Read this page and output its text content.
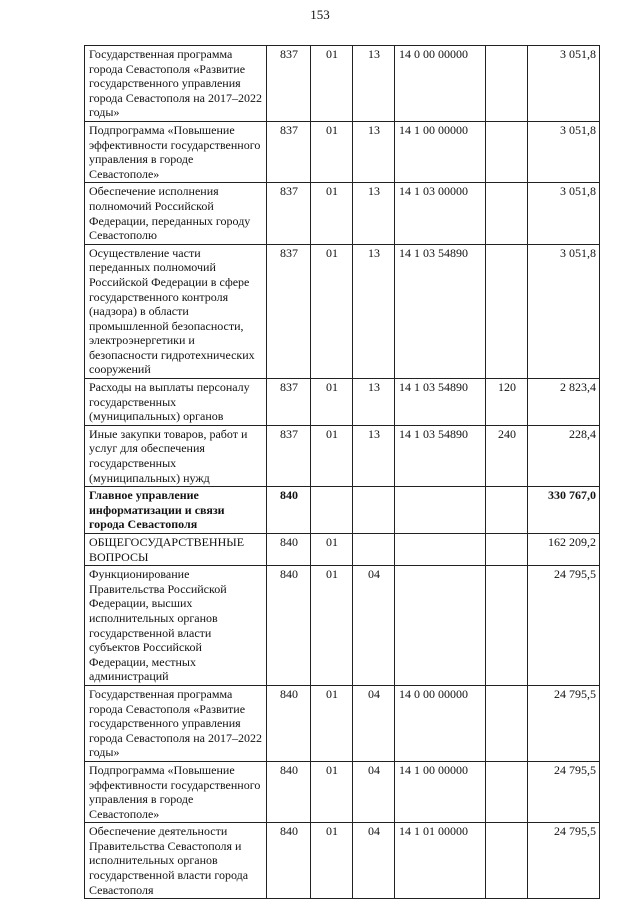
153
Государственная программа города Севастополя «Развитие государственного управления города Севастополя на 2017–2022 годы»	837	01	13	14 0 00 00000		3 051,8
Подпрограмма «Повышение эффективности государственного управления в городе Севастополе»	837	01	13	14 1 00 00000		3 051,8
Обеспечение исполнения полномочий Российской Федерации, переданных городу Севастополю	837	01	13	14 1 03 00000		3 051,8
Осуществление части переданных полномочий Российской Федерации в сфере государственного контроля (надзора) в области промышленной безопасности, электроэнергетики и безопасности гидротехнических сооружений	837	01	13	14 1 03 54890		3 051,8
Расходы на выплаты персоналу государственных (муниципальных) органов	837	01	13	14 1 03 54890	120	2 823,4
Иные закупки товаров, работ и услуг для обеспечения государственных (муниципальных) нужд	837	01	13	14 1 03 54890	240	228,4
Главное управление информатизации и связи города Севастополя	840					330 767,0
ОБЩЕГОСУДАРСТВЕННЫЕ ВОПРОСЫ	840	01				162 209,2
Функционирование Правительства Российской Федерации, высших исполнительных органов государственной власти субъектов Российской Федерации, местных администраций	840	01	04			24 795,5
Государственная программа города Севастополя «Развитие государственного управления города Севастополя на 2017–2022 годы»	840	01	04	14 0 00 00000		24 795,5
Подпрограмма «Повышение эффективности государственного управления в городе Севастополе»	840	01	04	14 1 00 00000		24 795,5
Обеспечение деятельности Правительства Севастополя и исполнительных органов государственной власти города Севастополя	840	01	04	14 1 01 00000		24 795,5
